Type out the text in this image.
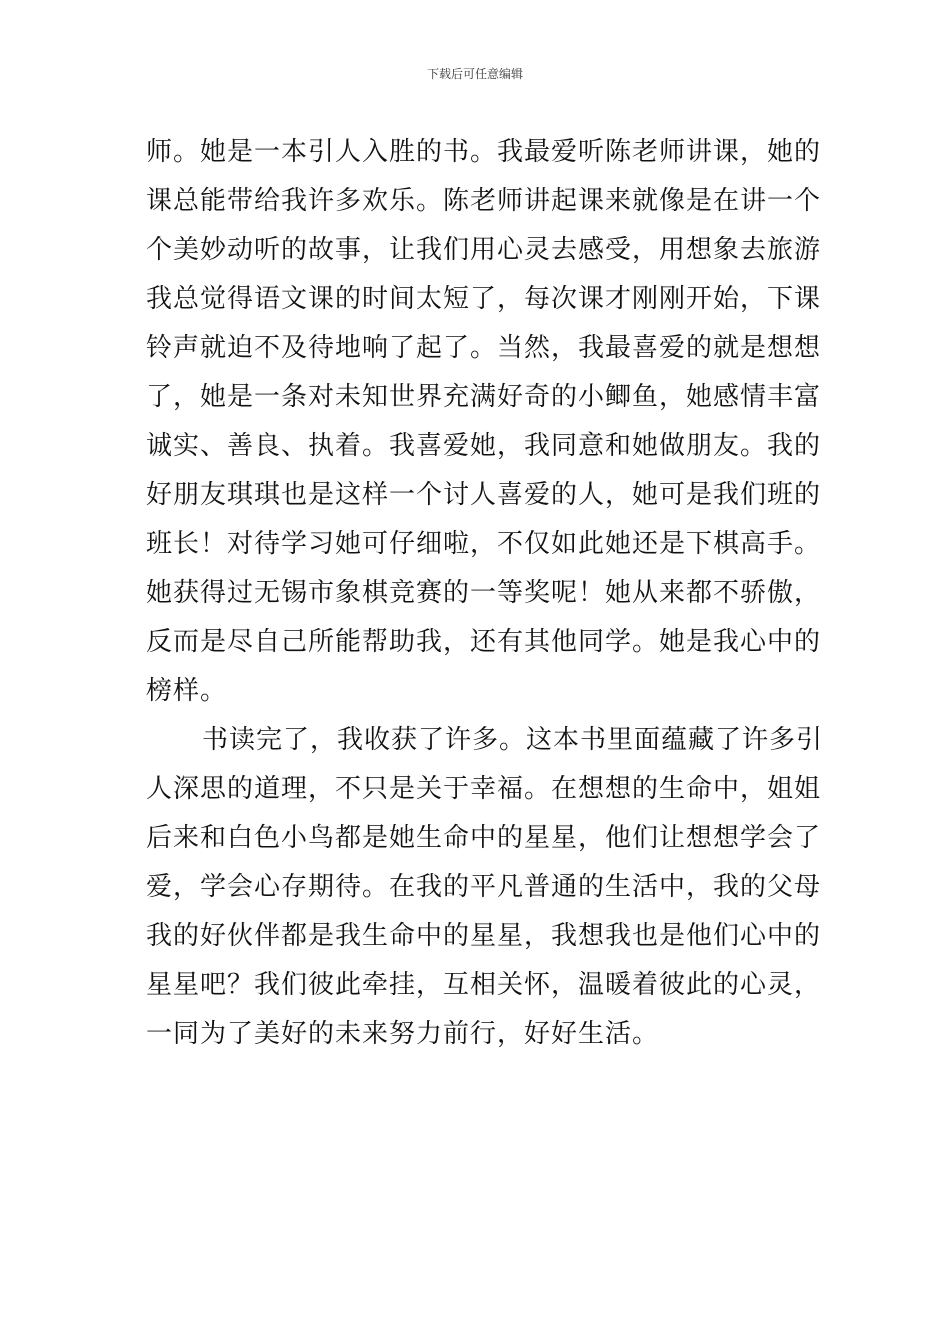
下载后可任意编辑

师。她是一本引人入胜的书。我最爱听陈老师讲课，她的
课总能带给我许多欢乐。陈老师讲起课来就像是在讲一个
个美妙动听的故事，让我们用心灵去感受，用想象去旅游
我总觉得语文课的时间太短了，每次课才刚刚开始，下课
铃声就迫不及待地响了起了。当然，我最喜爱的就是想想
了，她是一条对未知世界充满好奇的小鲫鱼，她感情丰富
诚实、善良、执着。我喜爱她，我同意和她做朋友。我的
好朋友琪琪也是这样一个讨人喜爱的人，她可是我们班的
班长！对待学习她可仔细啦，不仅如此她还是下棋高手。
她获得过无锡市象棋竞赛的一等奖呢！她从来都不骄傲，
反而是尽自己所能帮助我，还有其他同学。她是我心中的
榜样。

书读完了，我收获了许多。这本书里面蕴藏了许多引
人深思的道理，不只是关于幸福。在想想的生命中，姐姐
后来和白色小鸟都是她生命中的星星，他们让想想学会了
爱，学会心存期待。在我的平凡普通的生活中，我的父母
我的好伙伴都是我生命中的星星，我想我也是他们心中的
星星吧？我们彼此牵挂，互相关怀，温暖着彼此的心灵，
一同为了美好的未来努力前行，好好生活。
